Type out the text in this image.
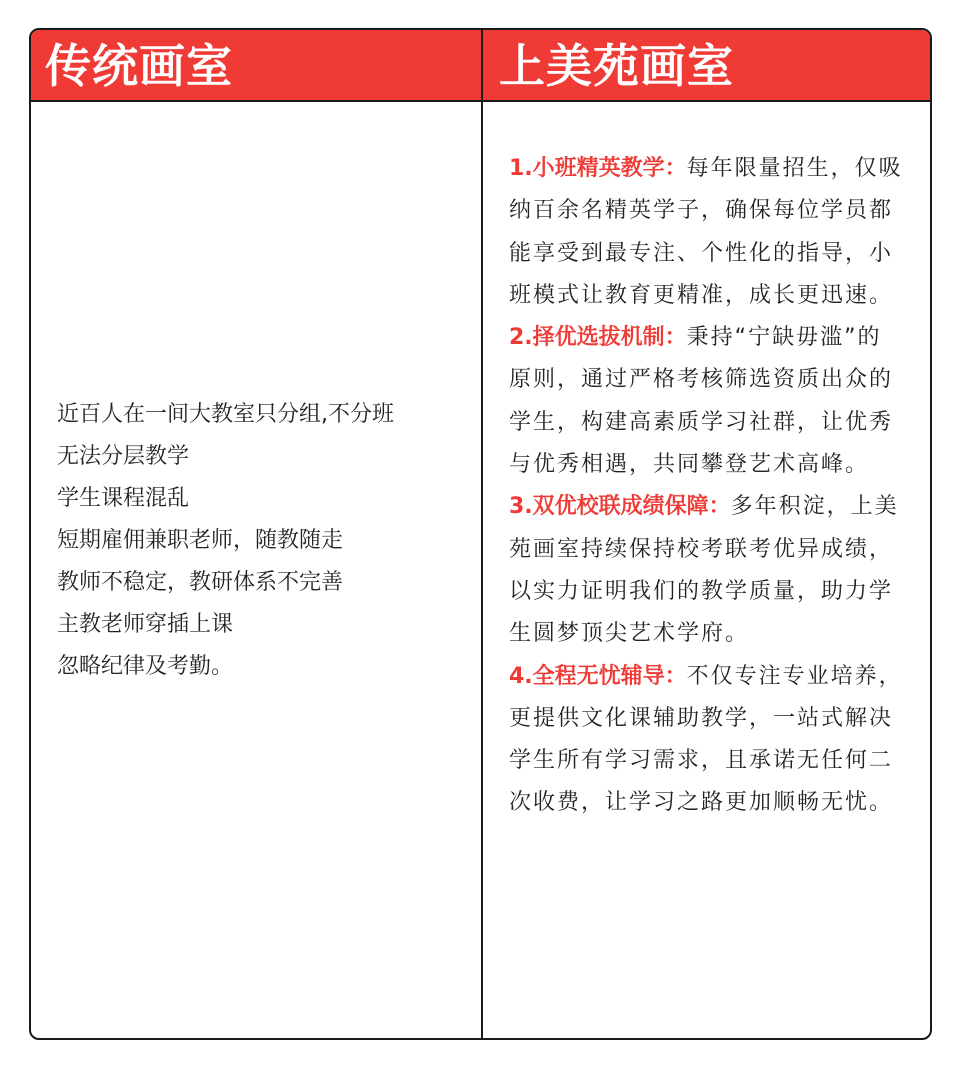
传统画室	上美苑画室
近百人在一间大教室只分组,不分班
无法分层教学
学生课程混乱
短期雇佣兼职老师，随教随走
教师不稳定，教研体系不完善
主教老师穿插上课
忽略纪律及考勤。

1.小班精英教学：每年限量招生，仅吸纳百余名精英学子，确保每位学员都能享受到最专注、个性化的指导，小班模式让教育更精准，成长更迅速。

2.择优选拔机制：秉持“宁缺毋滥”的原则，通过严格考核筛选资质出众的学生，构建高素质学习社群，让优秀与优秀相遇，共同攀登艺术高峰。

3.双优校联成绩保障：多年积淀，上美苑画室持续保持校考联考优异成绩，以实力证明我们的教学质量，助力学生圆梦顶尖艺术学府。

4.全程无忧辅导：不仅专注专业培养，更提供文化课辅助教学，一站式解决学生所有学习需求，且承诺无任何二次收费，让学习之路更加顺畅无忧。
